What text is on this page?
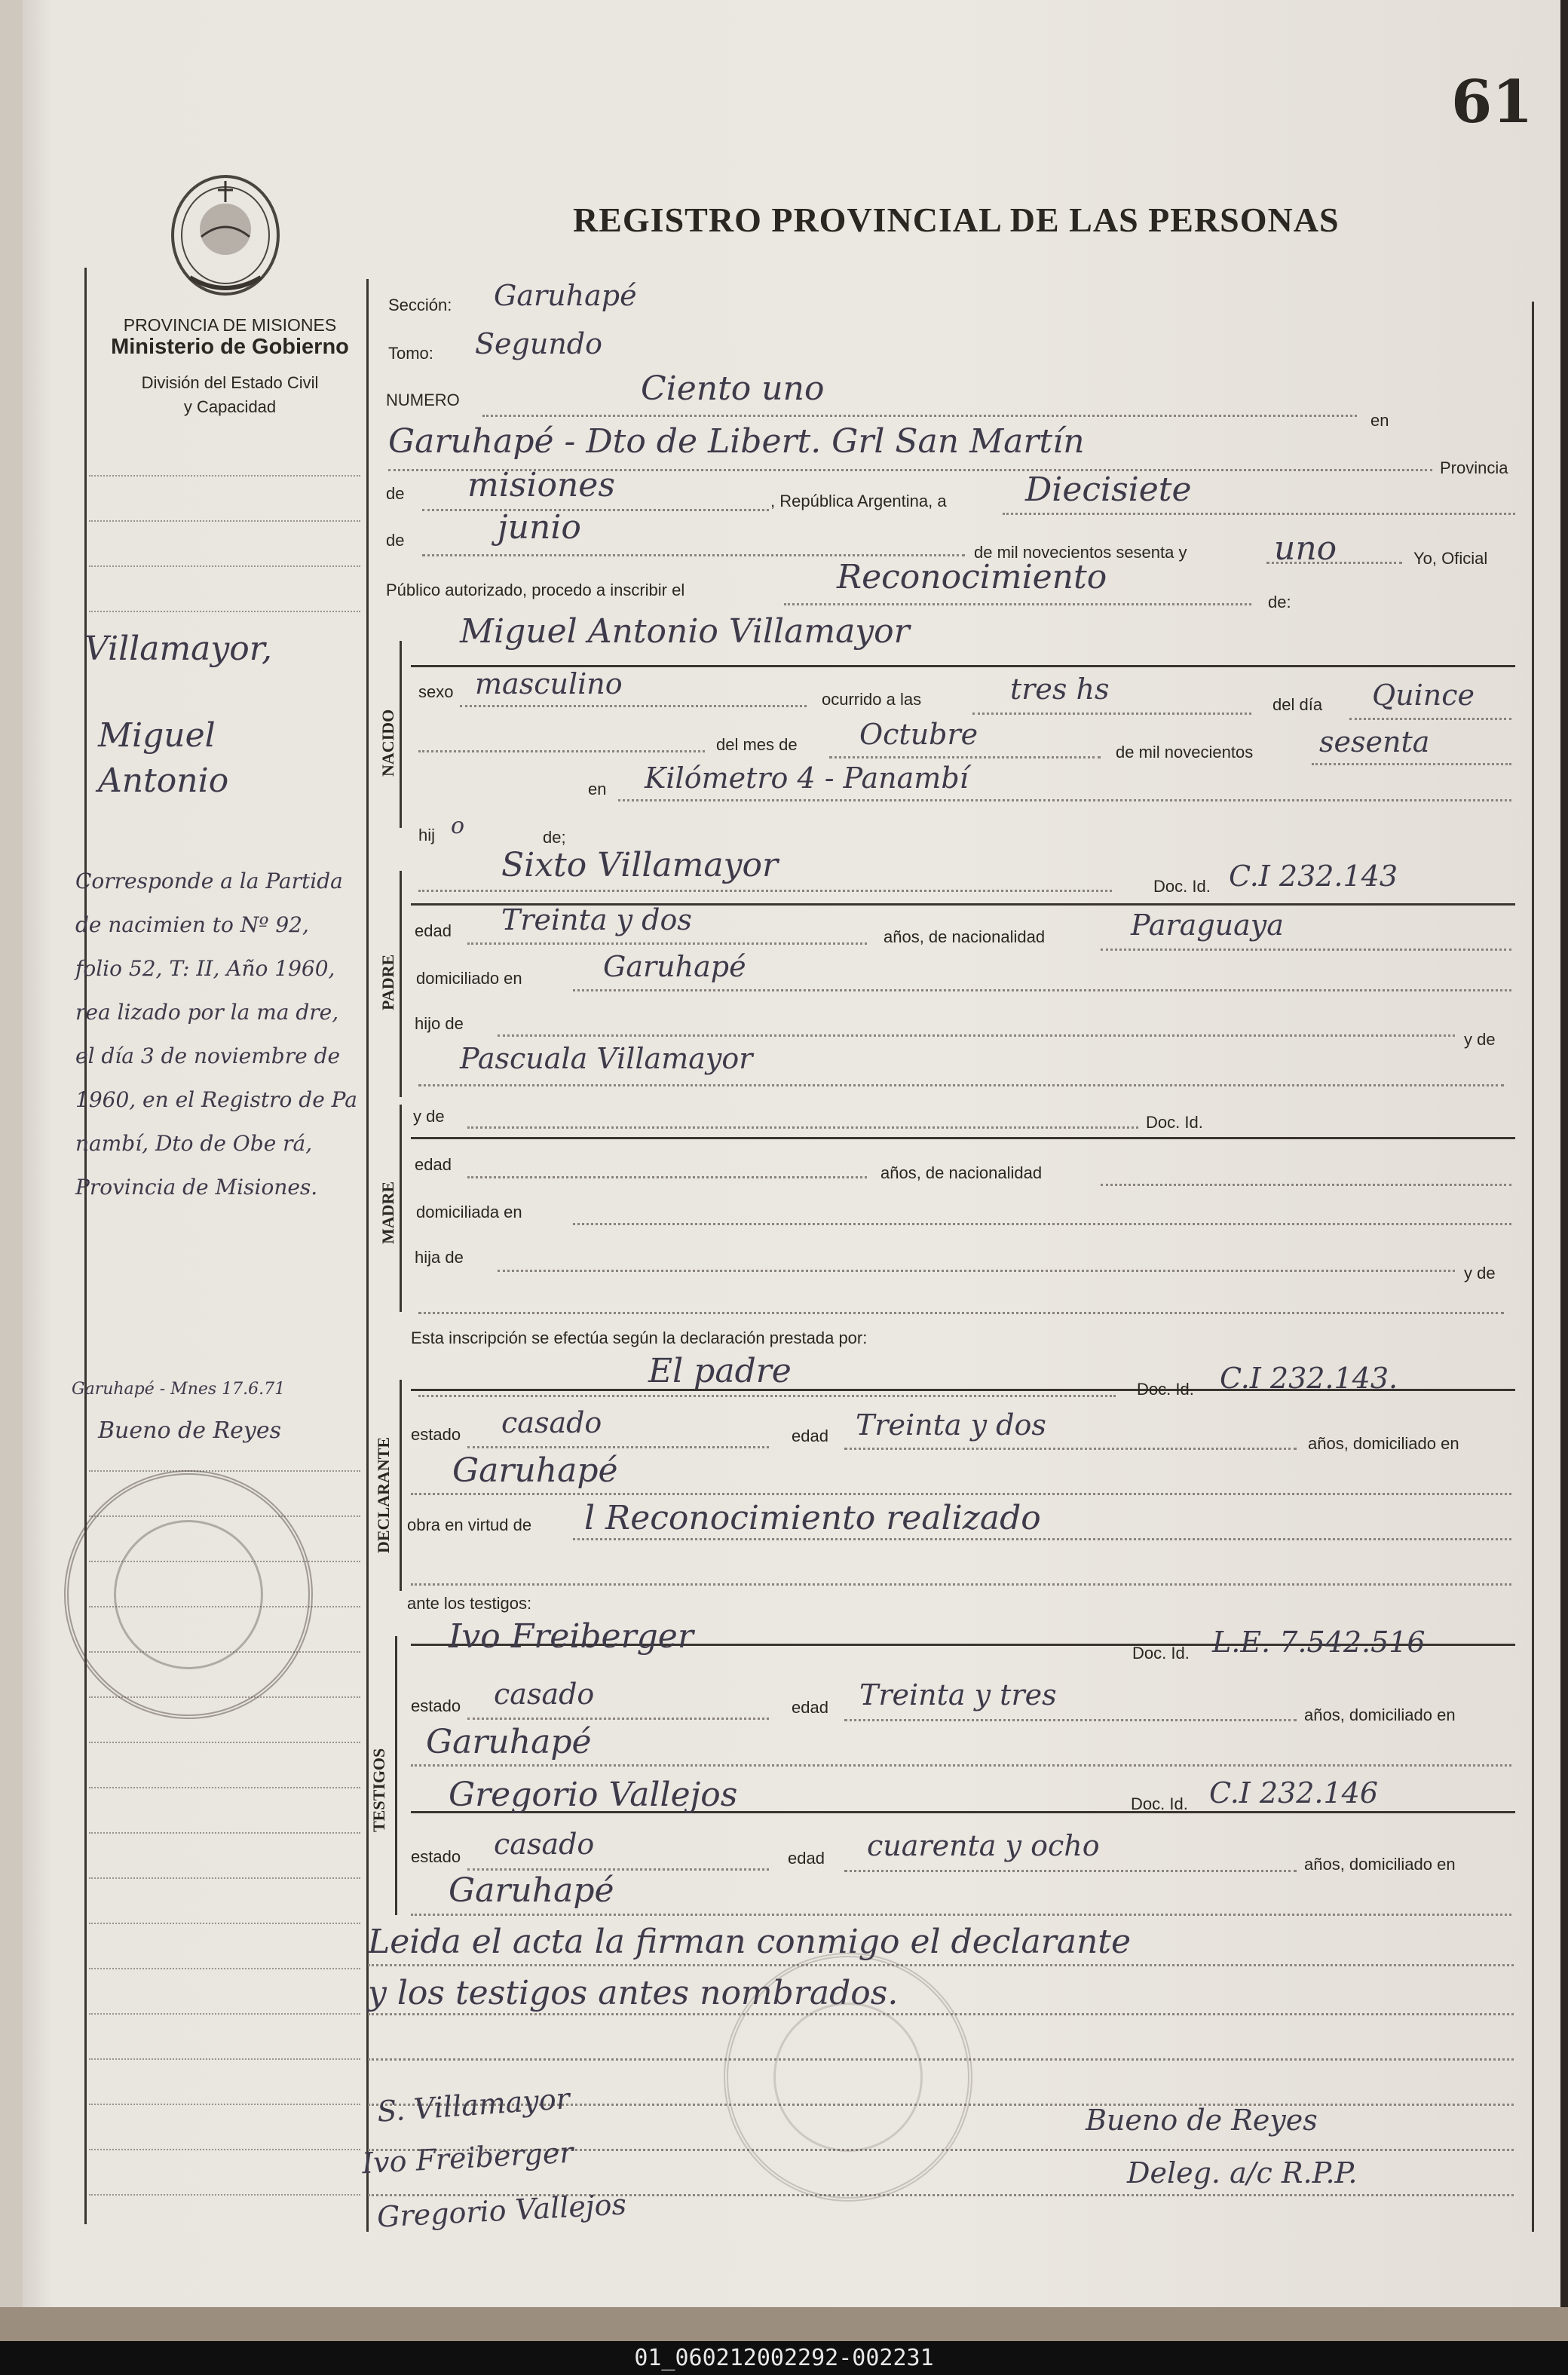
61
REGISTRO PROVINCIAL DE LAS PERSONAS
PROVINCIA DE MISIONES
Ministerio de Gobierno
División del Estado Civil
y Capacidad
Sección: Garuhapé
Tomo: Segundo
NUMERO	Ciento uno
en
Garuhapé - Dto de Libert. Grl San Martín
Provincia
de misiones	, República Argentina, a Diecisiete
de	junio
de mil novecientos sesenta y	uno	Yo, Oficial
Público autorizado, procedo a inscribir el	Reconocimiento
de:
NACIDO
Miguel Antonio Villamayor
sexo masculino	ocurrido a las	tres hs	del día Quince
del mes de Octubre
de mil novecientos sesenta
en Kilómetro 4 - Panambí
hij o	de;
PADRE
Sixto Villamayor
Doc. Id. C.I 232.143
edad Treinta y dos
años, de nacionalidad	Paraguaya
domiciliado en	Garuhapé
hijo de
y de
Pascuala Villamayor
y de	Doc. Id.
MADRE
edad	años, de nacionalidad
domiciliada en
hija de
y de
Esta inscripción se efectúa según la declaración prestada por:
DECLARANTE
El padre	Doc. Id. C.I 232.143.
estado casado	edad Treinta y dos
años, domiciliado en
Garuhapé
obra en virtud de l Reconocimiento realizado
ante los testigos:
TESTIGOS
Ivo Freiberger	Doc. Id. L.E. 7.542.516
estado casado	edad Treinta y tres
años, domiciliado en
Garuhapé
Gregorio Vallejos	Doc. Id. C.I 232.146
estado casado	edad cuarenta y ocho
años, domiciliado en
Garuhapé
Leida el acta la firman conmigo el declarante
y los testigos antes nombrados.
S. Villamayor
Ivo Freiberger
Gregorio Vallejos
Bueno de Reyes
Deleg. a/c R.P.P.
Villamayor,
Miguel
Antonio
Corresponde a la Partida de nacimien to Nº 92, folio 52, T: II, Año 1960, rea lizado por la ma dre, el día 3 de noviembre de 1960, en el Registro de Pa nambí, Dto de Obe rá, Provincia de Misiones.
Garuhapé - Mnes 17.6.71
Bueno de Reyes
01_060212002292-002231
